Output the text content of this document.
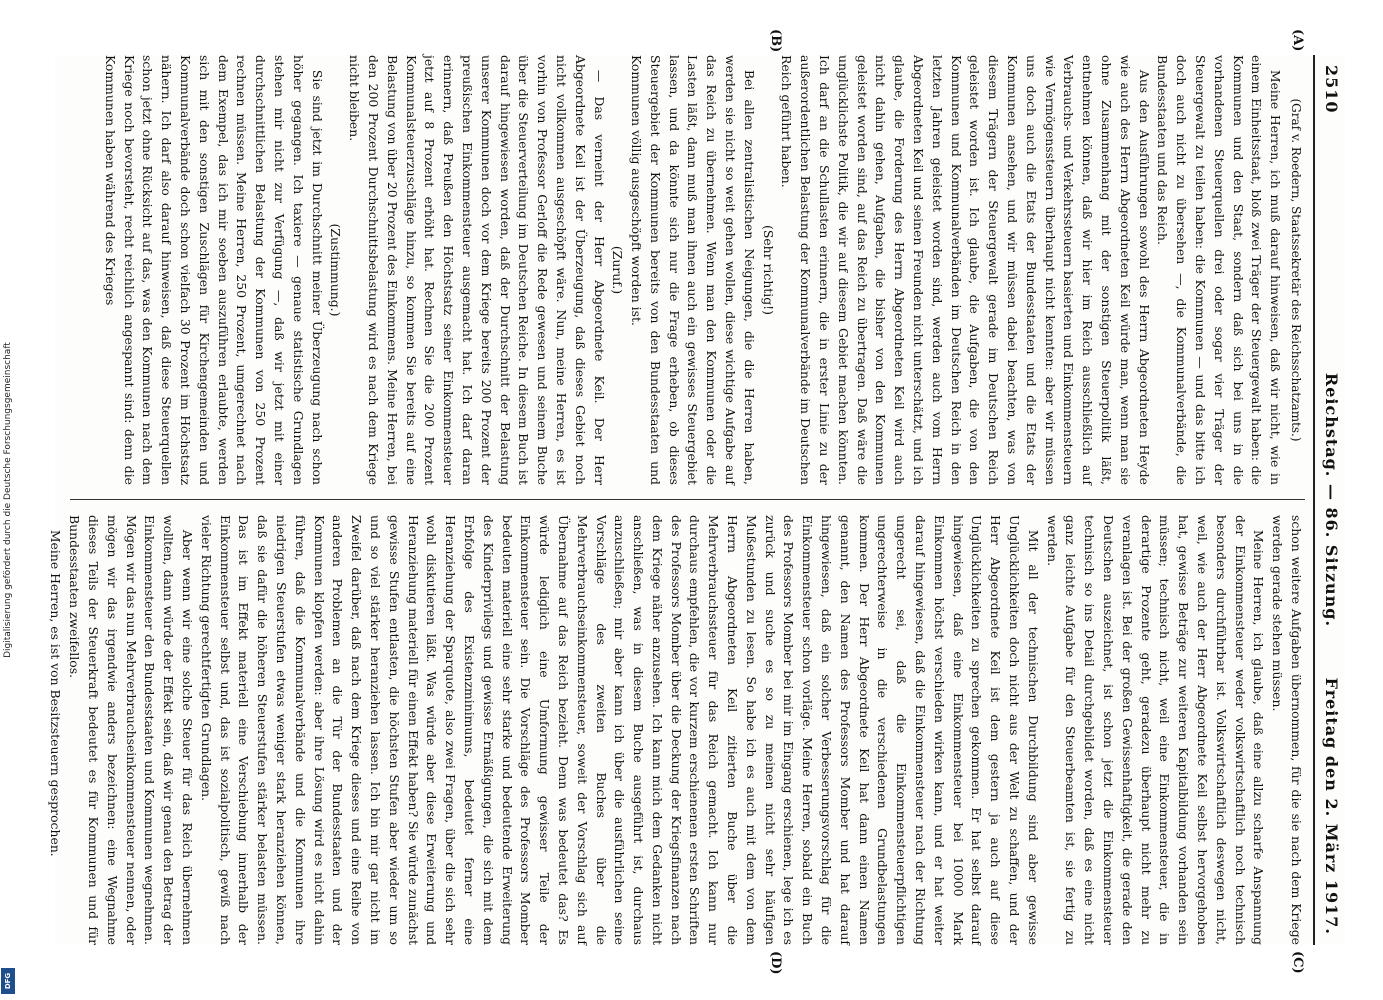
Digitalisierung gefördert durch die Deutsche Forschungsgemeinschaft
DFG
2510
Reichstag. — 86. Sitzung.
Freitag den 2. März 1917.
(A)
(B)
(C)
(D)

(Graf v. Roedern, Staatssekretär des Reichsschatzamts.)

Meine Herren, ich muß darauf hinweisen, daß wir nicht, wie in einem Einheitsstaat, bloß zwei Träger der Steuergewalt haben: die Kommunen und den Staat, sondern daß sich bei uns in die vorhandenen Steuerquellen drei oder sogar vier Träger der Steuergewalt zu teilen haben: die Kommunen — und das bitte ich doch auch nicht zu übersehen —, die Kommunalverbände, die Bundesstaaten und das Reich.

Aus den Ausführungen sowohl des Herrn Abgeordneten Heyde wie auch des Herrn Abgeordneten Keil würde man, wenn man sie ohne Zusammenhang mit der sonstigen Steuerpolitik läßt, entnehmen können, daß wir hier im Reich ausschließlich auf Verbrauchs- und Verkehrssteuern basierten und Einkommensteuern wie Vermögenssteuern überhaupt nicht kennten: aber wir müssen uns doch auch die Etats der Bundesstaaten und die Etats der Kommunen ansehen, und wir müssen dabei beachten, was von diesem Trägern der Steuergewalt gerade im Deutschen Reich geleistet worden ist. Ich glaube, die Aufgaben, die von den Kommunen und Kommunalverbänden im Deutschen Reich in den letzten Jahren geleistet worden sind, werden auch vom Herrn Abgeordneten Keil und seinen Freunden nicht unterschätzt, und ich glaube, die Forderung des Herrn Abgeordneten Keil wird auch nicht dahin gehen, Aufgaben, die bisher von den Kommunen geleistet worden sind, auf das Reich zu übertragen. Daß wäre die unglücklichste Politik, die wir auf diesem Gebiet machen könnten. Ich darf an die Schullasten erinnern, die in erster Linie zu der außerordentlichen Belastung der Kommunalverbände im Deutschen Reich geführt haben.

(Sehr richtig!)

Bei allen zentralistischen Neigungen, die die Herren haben, werden sie nicht so weit gehen wollen, diese wichtige Aufgabe auf das Reich zu übernehmen. Wenn man den Kommunen oder die Lasten läßt, dann muß man ihnen auch ein gewisses Steuergebiet lassen, und da könnte sich nur die Frage erheben, ob dieses Steuergebiet der Kommunen bereits von den Bundesstaaten und Kommunen völlig ausgeschöpft worden ist.

(Zuruf.)

— Das verneint der Herr Abgeordnete Keil. Der Herr Abgeordnete Keil ist der Überzeugung, daß dieses Gebiet noch nicht vollkommen ausgeschöpft wäre. Nun, meine Herren, es ist vorhin von Professor Gerloff die Rede gewesen und seinem Buche über die Steuerverteilung im Deutschen Reiche. In diesem Buch ist darauf hingewiesen worden, daß der Durchschnitt der Belastung unserer Kommunen doch vor dem Kriege bereits 200 Prozent der preußischen Einkommensteuer ausgemacht hat. Ich darf daran erinnern, daß Preußen den Höchstsatz seiner Einkommensteuer jetzt auf 8 Prozent erhöht hat. Rechnen Sie die 200 Prozent Kommunalsteuerzuschläge hinzu, so kommen Sie bereits auf eine Belastung von über 20 Prozent des Einkommens. Meine Herren, bei den 200 Prozent Durchschnittsbelastung wird es nach dem Kriege nicht bleiben.

(Zustimmung.)

Sie sind jetzt im Durchschnitt meiner Überzeugung nach schon höher gegangen. Ich taxiere — genaue statistische Grundlagen stehen mir nicht zur Verfügung —, daß wir jetzt mit einer durchschnittlichen Belastung der Kommunen von 250 Prozent rechnen müssen. Meine Herren, 250 Prozent, umgerechnet nach dem Exempel, das ich mir soeben auszuführen erlaubte, werden sich mit den sonstigen Zuschlägen für Kirchengemeinden und Kommunalverbände doch schon vielfach 30 Prozent im Höchstsatz nähern. Ich darf also darauf hinweisen, daß diese Steuerquellen schon jetzt ohne Rücksicht auf das, was den Kommunen nach dem Kriege noch bevorsteht, recht reichlich angespannt sind: denn die Kommunen haben während des Krieges

schon weitere Aufgaben übernommen, für die sie nach dem Kriege werden gerade stehen müssen.

Meine Herren, ich glaube, daß eine allzu scharfe Anspannung der Einkommensteuer weder volkswirtschaftlich noch technisch besonders durchführbar ist. Volkswirtschaftlich deswegen nicht, weil, wie auch der Herr Abgeordnete Keil selbst hervorgehoben hat, gewisse Beträge zur weiteren Kapitalbildung vorhanden sein müssen; technisch nicht, weil eine Einkommensteuer, die in derartige Prozente geht, geradezu überhaupt nicht mehr zu veranlagen ist. Bei der großen Gewissenhaftigkeit, die gerade den Deutschen auszeichnet, ist schon jetzt die Einkommensteuer technisch so ins Detail durchgebildet worden, daß es eine nicht ganz leichte Aufgabe für den Steuerbeamten ist, sie fertig zu werden.

Mit all der technischen Durchbildung sind aber gewisse Unglücklichkeiten doch nicht aus der Welt zu schaffen, und der Herr Abgeordnete Keil ist dem gestern ja auch auf diese Unglücklichkeiten zu sprechen gekommen. Er hat selbst darauf hingewiesen, daß eine Einkommensteuer bei 10000 Mark Einkommen höchst verschieden wirken kann, und er hat weiter darauf hingewiesen, daß die Einkommensteuer nach der Richtung ungerecht sei, daß die Einkommensteuerpflichtigen ungerechterweise in die verschiedenen Grundbelastungen kommen. Der Herr Abgeordnete Keil hat dann einen Namen genannt, den Namen des Professors Momber und hat darauf hingewiesen, daß ein solcher Verbesserungsvorschlag für die Einkommensteuer schon vorläge. Meine Herren, sobald ein Buch des Professors Momber bei mir im Eingang erschienen, lege ich es zurück und suche es so zu meinen nicht sehr häufigen Mußestunden zu lesen. So habe ich es auch mit dem von dem Herrn Abgeordneten Keil zitierten Buche über die Mehrverbrauchssteuer für das Reich gemacht. Ich kann nur durchaus empfehlen, die vor kurzem erschienenen ersten Schriften des Professors Momber über die Deckung der Kriegsfinanzen nach dem Kriege näher anzusehen. Ich kann mich dem Gedanken nicht anschließen, was in diesem Buche ausgeführt ist, durchaus anzuschließen; mir aber kann ich über die ausführlichen seine Vorschläge des zweiten Buches über die Mehrverbrauchseinkommensteuer, soweit der Vorschlag sich auf Übernahme auf das Reich bezieht. Denn was bedeutet das? Es würde lediglich eine Umformung gewisser Teile der Einkommensteuer sein. Die Vorschläge des Professors Momber bedeuten materiell eine sehr starke und bedeutende Erweiterung des Kinderprivilegs und gewisse Ermäßigungen, die sich mit dem Erbfolge des Existenzminimums, bedeutet ferner eine Heranziehung der Sparquote, also zwei Fragen, über die sich sehr wohl diskutieren läßt. Was würde aber diese Erweiterung und Heranziehung materiell für einen Effekt haben? Sie würde zunächst gewisse Stufen entlasten, die höchsten Stufen aber wieder um so und so viel stärker heranziehen lassen. Ich bin mir gar nicht im Zweifel darüber, daß nach dem Kriege dieses und eine Reihe von anderen Problemen an die Tür der Bundesstaaten und der Kommunen klopfen werden: aber ihre Lösung wird es nicht dahin führen, daß die Kommunalverbände und die Kommunen ihre niedrigen Steuerstufen etwas weniger stark heranziehen können, daß sie dafür die höheren Steuerstufen stärker belasten müssen. Das ist im Effekt materiell eine Verschiebung innerhalb der Einkommensteuer selbst und, das ist sozialpolitisch, gewiß nach vieler Richtung gerechtfertigten Grundlagen.

Aber wenn wir eine solche Steuer für das Reich übernehmen wollten, dann würde der Effekt sein, daß wir genau den Betrag der Einkommensteuer den Bundesstaaten und Kommunen wegnehmen. Mögen wir das nun Mehrverbrauchseinkommensteuer nennen, oder mögen wir das irgendwie anders bezeichnen: eine Wegnahme dieses Teils der Steuerkraft bedeutet es für Kommunen und für Bundesstaaten zweifellos.

Meine Herren, es ist von Besitzsteuern gesprochen.
